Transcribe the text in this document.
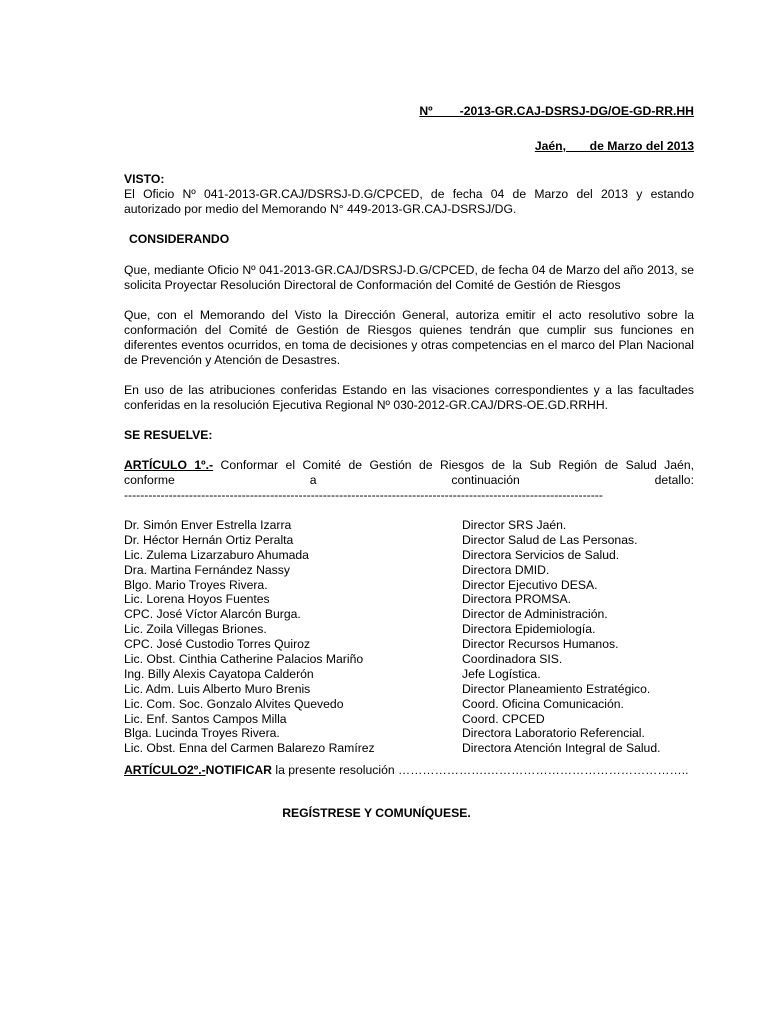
Nº        -2013-GR.CAJ-DSRSJ-DG/OE-GD-RR.HH
Jaén,       de Marzo del 2013
VISTO:
El Oficio Nº 041-2013-GR.CAJ/DSRSJ-D.G/CPCED, de fecha 04 de Marzo del 2013 y estando autorizado por medio del Memorando N° 449-2013-GR.CAJ-DSRSJ/DG.
CONSIDERANDO
Que, mediante Oficio Nº 041-2013-GR.CAJ/DSRSJ-D.G/CPCED, de fecha 04 de Marzo del año 2013, se solicita Proyectar Resolución Directoral de Conformación del Comité de Gestión de Riesgos
Que, con el Memorando del Visto la Dirección General, autoriza emitir el acto resolutivo sobre la conformación del Comité de Gestión de Riesgos quienes tendrán que cumplir sus funciones en diferentes eventos ocurridos, en toma de decisiones y otras competencias en el marco del Plan Nacional de Prevención y Atención de Desastres.
En uso de las atribuciones conferidas Estando en las visaciones correspondientes y a las facultades conferidas en la resolución Ejecutiva Regional Nº 030-2012-GR.CAJ/DRS-OE.GD.RRHH.
SE RESUELVE:
ARTÍCULO 1º.- Conformar el Comité de Gestión de Riesgos de la Sub Región de Salud Jaén,
conforme	a	continuación	detallo:
----------------------------------------------------------------------------------------------------------------------
Dr. Simón Enver Estrella Izarra	Director SRS Jaén.
Dr. Héctor Hernán Ortiz Peralta	Director Salud de Las Personas.
Lic. Zulema Lizarzaburo Ahumada	Directora Servicios de Salud.
Dra. Martina Fernández Nassy	Directora DMID.
Blgo. Mario Troyes Rivera.	Director Ejecutivo DESA.
Lic. Lorena Hoyos Fuentes	Directora PROMSA.
CPC. José Víctor Alarcón Burga.	Director de Administración.
Lic. Zoila Villegas Briones.	Directora Epidemiología.
CPC. José Custodio Torres Quiroz	Director Recursos Humanos.
Lic. Obst. Cinthia Catherine Palacios Mariño	Coordinadora SIS.
Ing. Billy Alexis Cayatopa Calderón	Jefe Logística.
Lic. Adm. Luis Alberto Muro Brenis	Director Planeamiento Estratégico.
Lic. Com. Soc. Gonzalo Alvites Quevedo	Coord. Oficina Comunicación.
Lic. Enf. Santos Campos Milla	Coord. CPCED
Blga. Lucinda Troyes Rivera.	Directora Laboratorio Referencial.
Lic. Obst. Enna del Carmen Balarezo Ramírez	Directora Atención Integral de Salud.
ARTÍCULO2º.-NOTIFICAR la presente resolución ………………….…………………………………………..
REGÍSTRESE Y COMUNÍQUESE.
